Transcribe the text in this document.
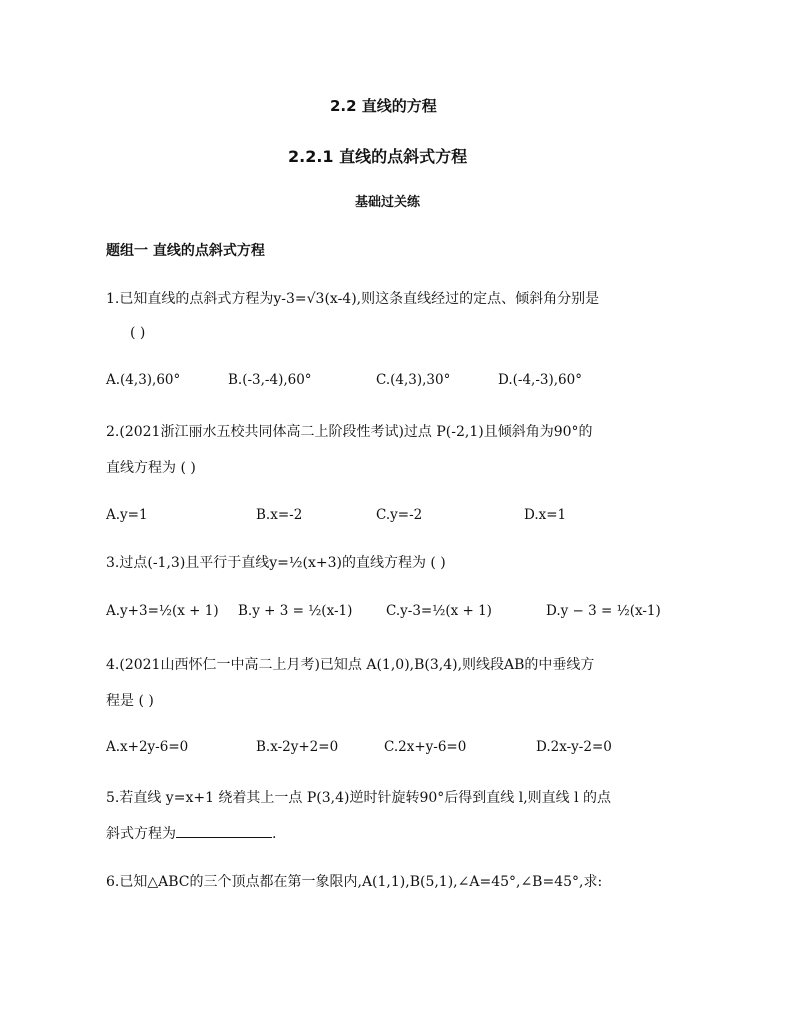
2.2 直线的方程
2.2.1 直线的点斜式方程
基础过关练
题组一 直线的点斜式方程
1.已知直线的点斜式方程为y-3=√3(x-4),则这条直线经过的定点、倾斜角分别是
( )
A.(4,3),60°	B.(-3,-4),60°	C.(4,3),30°	D.(-4,-3),60°
2.(2021浙江丽水五校共同体高二上阶段性考试)过点 P(-2,1)且倾斜角为90°的
直线方程为 ( )
A.y=1	B.x=-2	C.y=-2	D.x=1
3.过点(-1,3)且平行于直线y=½(x+3)的直线方程为 ( )
A.y+3=½(x + 1) B.y + 3 = ½(x-1) C.y-3=½(x + 1)	D.y − 3 = ½(x-1)
4.(2021山西怀仁一中高二上月考)已知点 A(1,0),B(3,4),则线段AB的中垂线方
程是 ( )
A.x+2y-6=0	B.x-2y+2=0	C.2x+y-6=0	D.2x-y-2=0
5.若直线 y=x+1 绕着其上一点 P(3,4)逆时针旋转90°后得到直线 l,则直线 l 的点
斜式方程为	.
6.已知△ABC的三个顶点都在第一象限内,A(1,1),B(5,1),∠A=45°,∠B=45°,求:
